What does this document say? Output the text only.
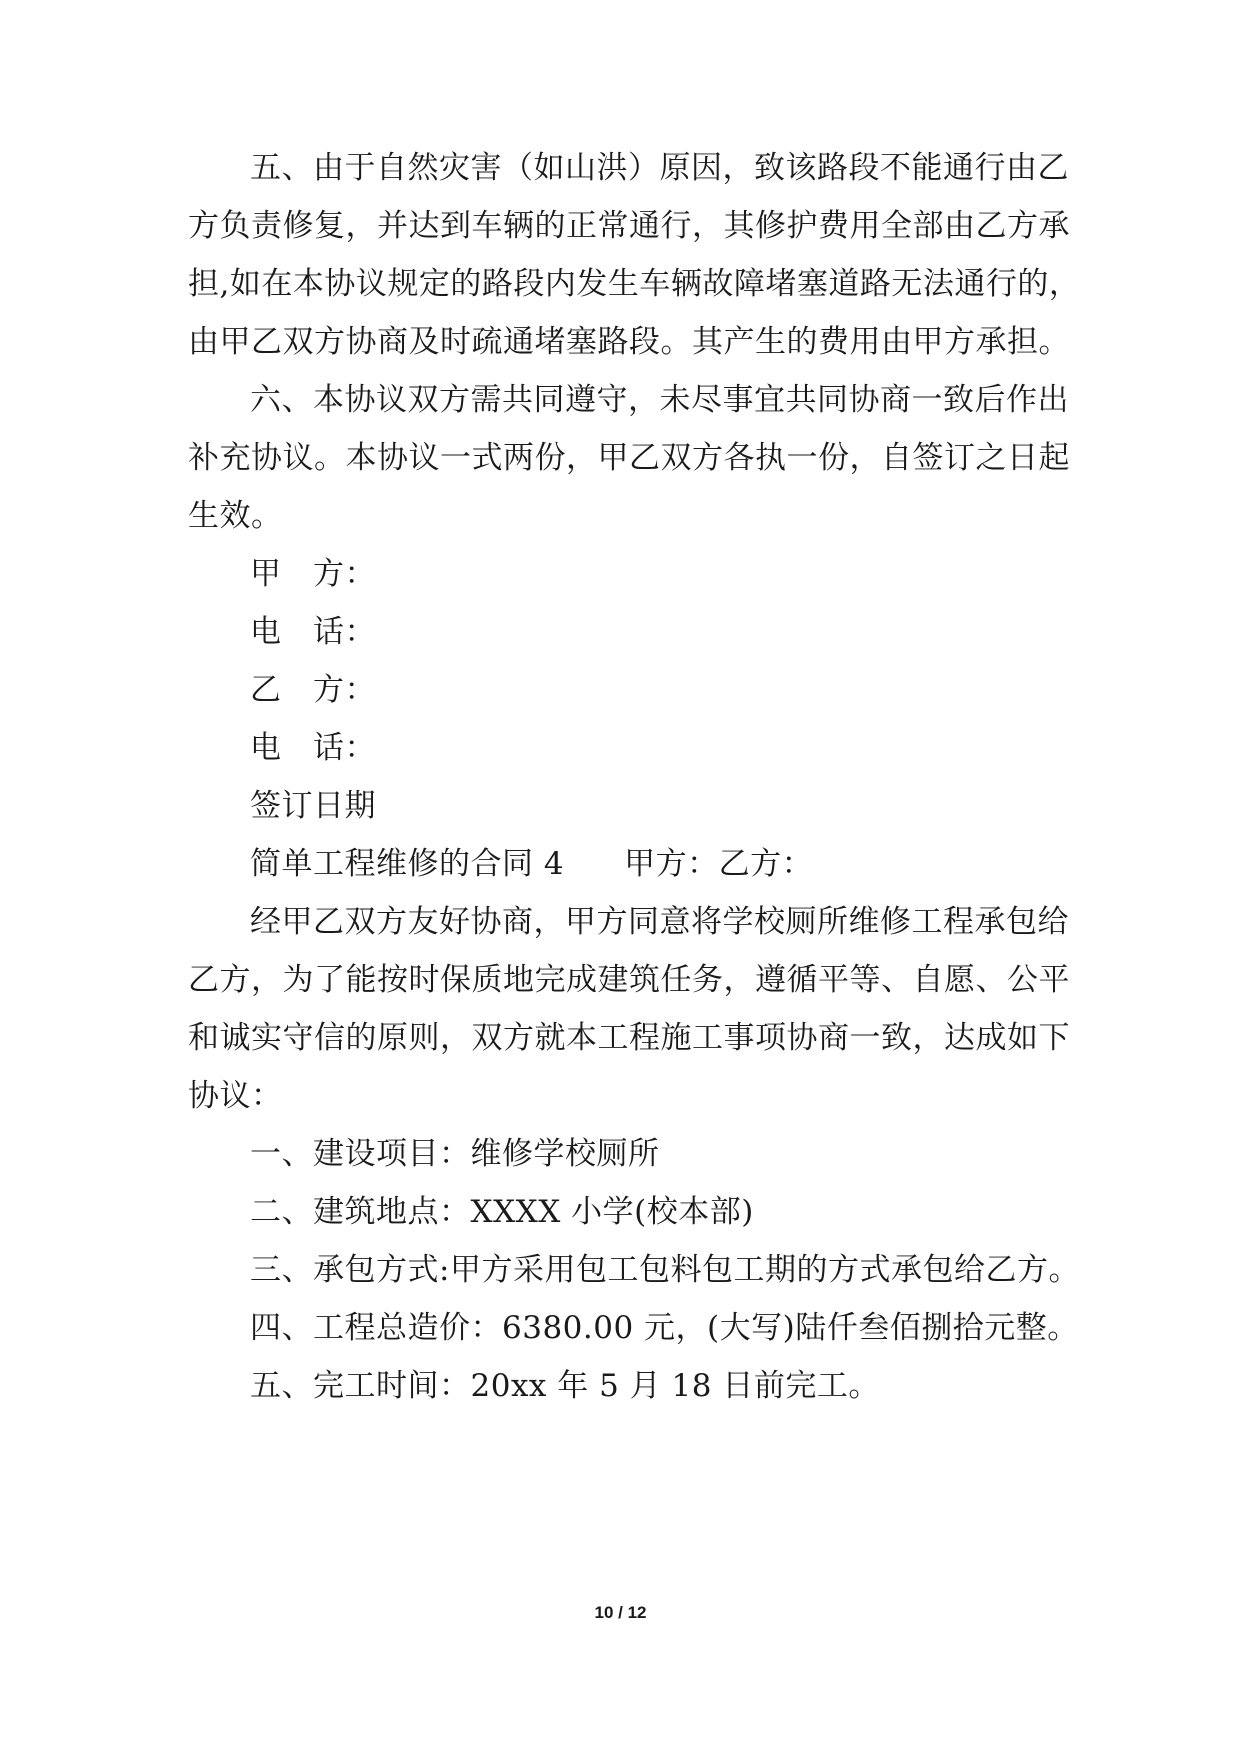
五、由于自然灾害（如山洪）原因，致该路段不能通行由乙
方负责修复，并达到车辆的正常通行，其修护费用全部由乙方承
担,如在本协议规定的路段内发生车辆故障堵塞道路无法通行的，
由甲乙双方协商及时疏通堵塞路段。其产生的费用由甲方承担。
六、本协议双方需共同遵守，未尽事宜共同协商一致后作出
补充协议。本协议一式两份，甲乙双方各执一份，自签订之日起
生效。
甲　方：
电　话：
乙　方：
电　话：
签订日期
简单工程维修的合同 4 甲方：乙方：
经甲乙双方友好协商，甲方同意将学校厕所维修工程承包给
乙方，为了能按时保质地完成建筑任务，遵循平等、自愿、公平
和诚实守信的原则，双方就本工程施工事项协商一致，达成如下
协议：
一、建设项目：维修学校厕所
二、建筑地点：XXXX 小学(校本部)
三、承包方式:甲方采用包工包料包工期的方式承包给乙方。
四、工程总造价：6380.00 元，(大写)陆仟叁佰捌拾元整。
五、完工时间：20xx 年 5 月 18 日前完工。
10 / 12
